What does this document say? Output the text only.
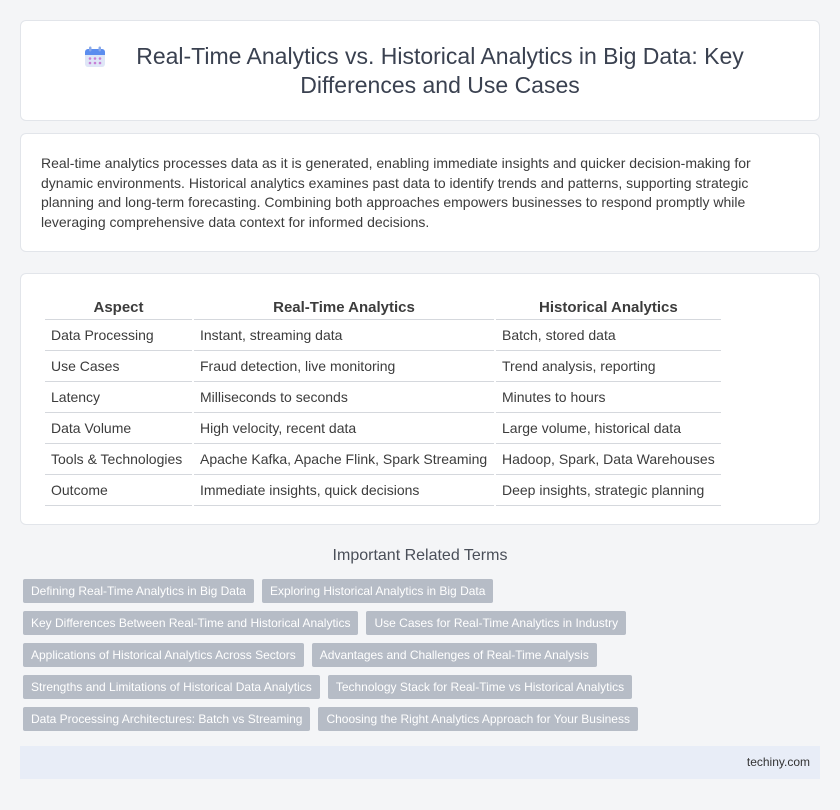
Real-Time Analytics vs. Historical Analytics in Big Data: Key Differences and Use Cases

Real-time analytics processes data as it is generated, enabling immediate insights and quicker decision-making for dynamic environments. Historical analytics examines past data to identify trends and patterns, supporting strategic planning and long-term forecasting. Combining both approaches empowers businesses to respond promptly while leveraging comprehensive data context for informed decisions.

Aspect	Real-Time Analytics	Historical Analytics
Data Processing	Instant, streaming data	Batch, stored data
Use Cases	Fraud detection, live monitoring	Trend analysis, reporting
Latency	Milliseconds to seconds	Minutes to hours
Data Volume	High velocity, recent data	Large volume, historical data
Tools & Technologies	Apache Kafka, Apache Flink, Spark Streaming	Hadoop, Spark, Data Warehouses
Outcome	Immediate insights, quick decisions	Deep insights, strategic planning
Important Related Terms
Defining Real-Time Analytics in Big Data	Exploring Historical Analytics in Big Data
Key Differences Between Real-Time and Historical Analytics	Use Cases for Real-Time Analytics in Industry
Applications of Historical Analytics Across Sectors	Advantages and Challenges of Real-Time Analysis
Strengths and Limitations of Historical Data Analytics	Technology Stack for Real-Time vs Historical Analytics
Data Processing Architectures: Batch vs Streaming	Choosing the Right Analytics Approach for Your Business
techiny.com
